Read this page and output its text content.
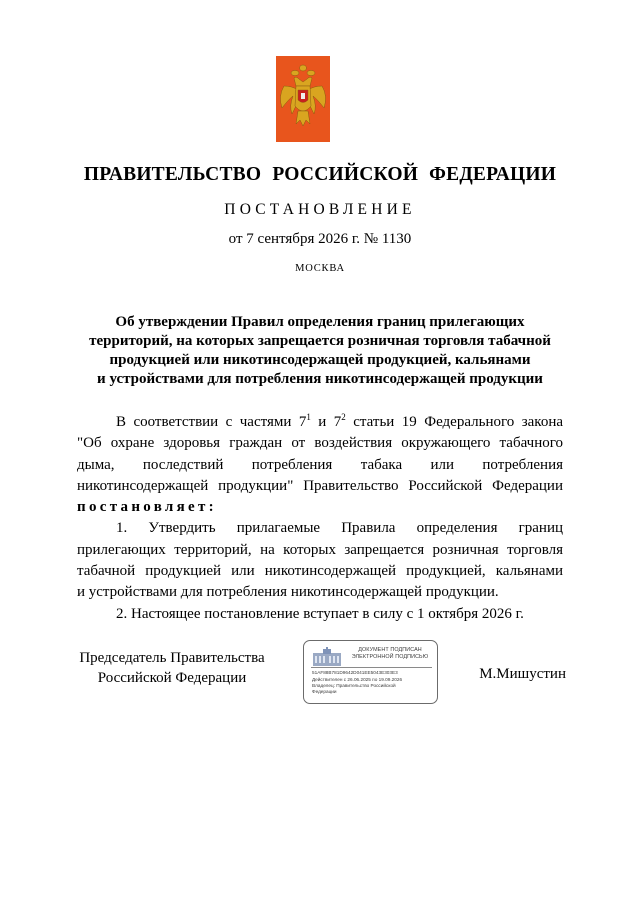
ПРАВИТЕЛЬСТВО РОССИЙСКОЙ ФЕДЕРАЦИИ
ПОСТАНОВЛЕНИЕ
от 7 сентября 2026 г. № 1130
МОСКВА
Об утверждении Правил определения границ прилегающих
территорий, на которых запрещается розничная торговля табачной
продукцией или никотинсодержащей продукцией, кальянами
и устройствами для потребления никотинсодержащей продукции
В соответствии с частями $7^1$ и $7^2$ статьи 19 Федерального закона
"Об охране здоровья граждан от воздействия окружающего табачного
дыма, последствий потребления табака или потребления
никотинсодержащей продукции" Правительство Российской Федерации
постановляет:
1. Утвердить прилагаемые Правила определения границ
прилегающих территорий, на которых запрещается розничная торговля
табачной продукцией или никотинсодержащей продукцией, кальянами
и устройствами для потребления никотинсодержащей продукции.
2. Настоящее постановление вступает в силу с 1 октября 2026 г.
Председатель Правительства
Российской Федерации
ДОКУМЕНТ ПОДПИСАН
ЭЛЕКТРОННОЙ ПОДПИСЬЮ
51AF88B781D9642D041EE5043E303E3
Действителен с 26.06.2025 по 19.09.2026
Владелец: Правительство Российской
Федерации
М.Мишустин
